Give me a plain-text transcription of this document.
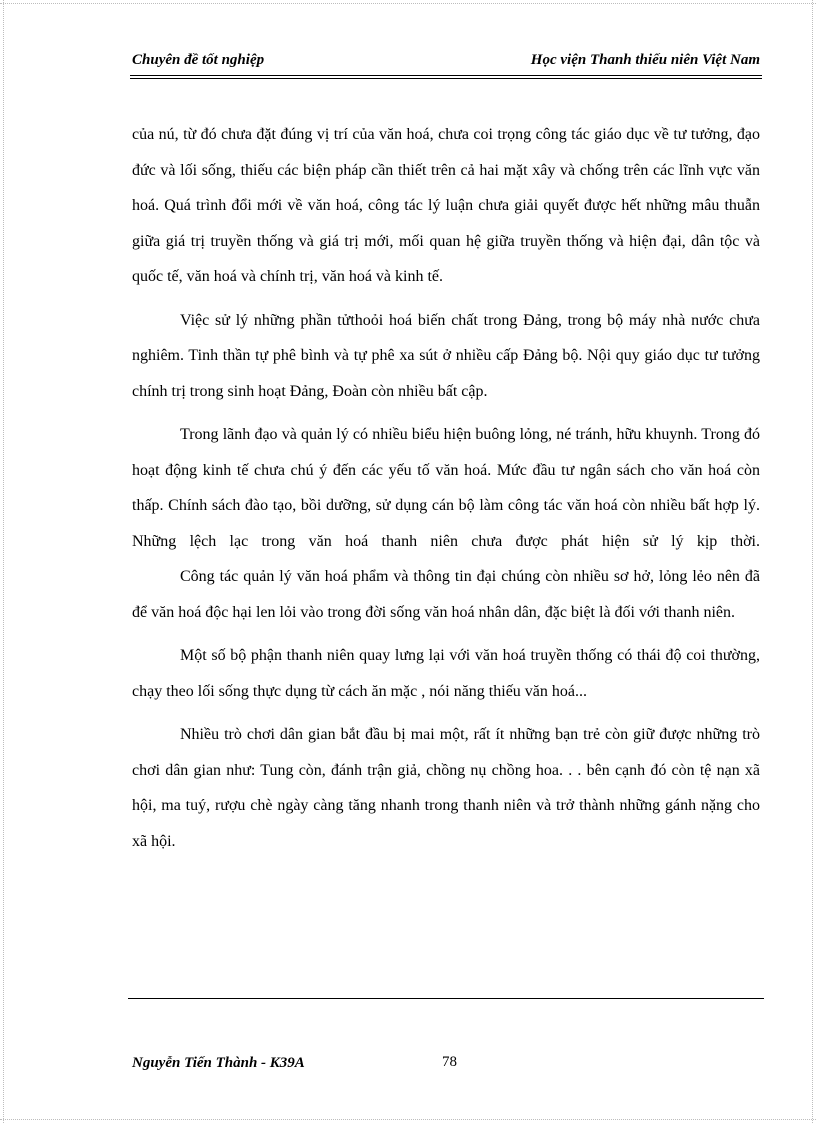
Chuyên đề tốt nghiệp	Học viện Thanh thiếu niên Việt Nam

của nú, từ đó chưa đặt đúng vị trí của văn hoá, chưa coi trọng công tác giáo dục về tư tưởng, đạo đức và lối sống, thiếu các biện pháp cần thiết trên cả hai mặt xây và chống trên các lĩnh vực văn hoá. Quá trình đổi mới về văn hoá, công tác lý luận chưa giải quyết được hết những mâu thuẫn giữa giá trị truyền thống và giá trị mới, mối quan hệ giữa truyền thống và hiện đại, dân tộc và quốc tế, văn hoá và chính trị, văn hoá và kinh tế.

Việc sử lý những phần tửthoỏi hoá biến chất trong Đảng, trong bộ máy nhà nước chưa nghiêm. Tinh thần tự phê bình và tự phê xa sút ở nhiều cấp Đảng bộ. Nội quy giáo dục tư tưởng chính trị trong sinh hoạt Đảng, Đoàn còn nhiều bất cập.

Trong lãnh đạo và quản lý có nhiều biểu hiện buông lỏng, né tránh, hữu khuynh. Trong đó hoạt động kinh tế chưa chú ý đến các yếu tố văn hoá. Mức đầu tư ngân sách cho văn hoá còn thấp. Chính sách đào tạo, bồi dưỡng, sử dụng cán bộ làm công tác văn hoá còn nhiều bất hợp lý. Những lệch lạc trong văn hoá thanh niên chưa được phát hiện sử lý kịp thời.

Công tác quản lý văn hoá phẩm và thông tin đại chúng còn nhiều sơ hở, lỏng lẻo nên đã để văn hoá độc hại len lỏi vào trong đời sống văn hoá nhân dân, đặc biệt là đối với thanh niên.

Một số bộ phận thanh niên quay lưng lại với văn hoá truyền thống có thái độ coi thường, chạy theo lối sống thực dụng từ cách ăn mặc , nói năng thiếu văn hoá...

Nhiều trò chơi dân gian bắt đầu bị mai một, rất ít những bạn trẻ còn giữ được những trò chơi dân gian như: Tung còn, đánh trận giả, chồng nụ chồng hoa. . . bên cạnh đó còn tệ nạn xã hội, ma tuý, rượu chè ngày càng tăng nhanh trong thanh niên và trở thành những gánh nặng cho xã hội.

Nguyễn Tiến Thành - K39A	78
